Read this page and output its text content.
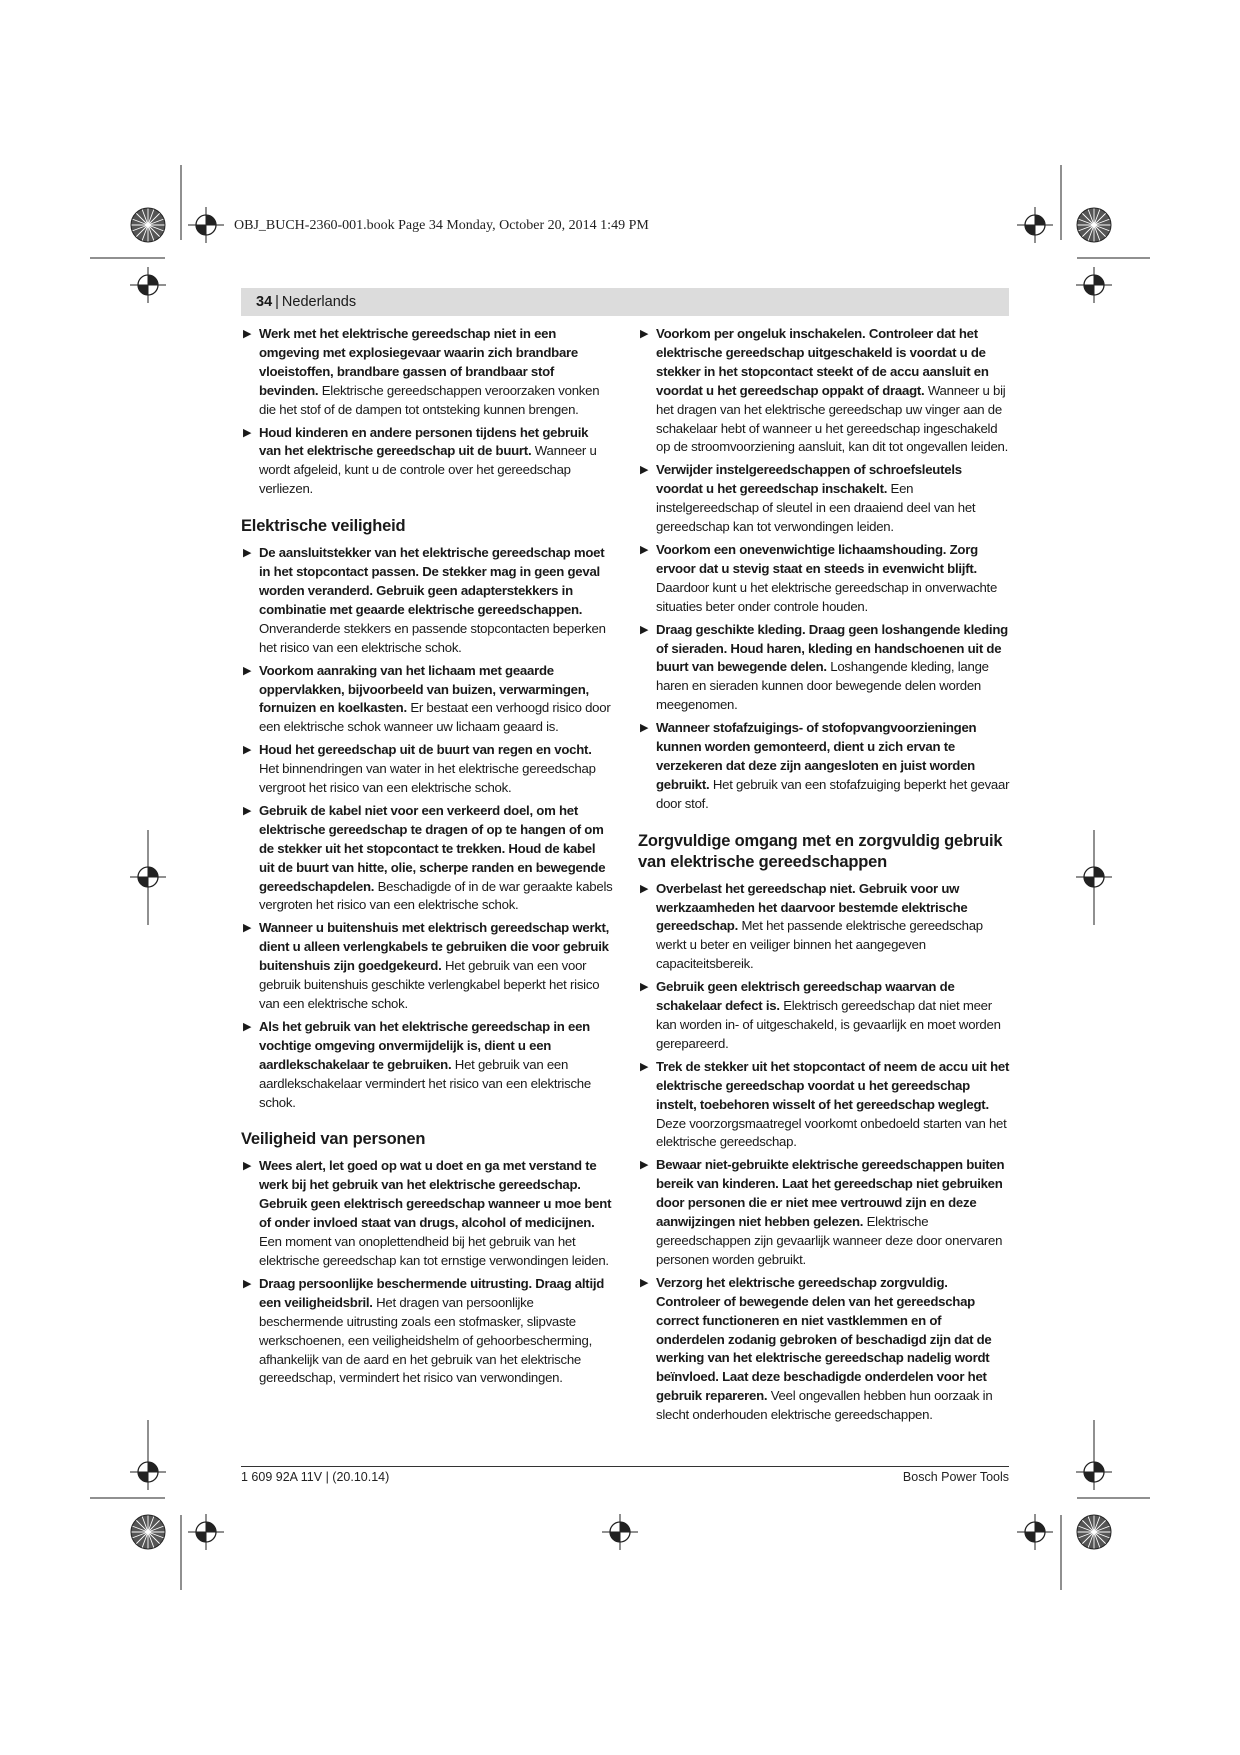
OBJ_BUCH-2360-001.book Page 34 Monday, October 20, 2014 1:49 PM
34 | Nederlands
▶ Werk met het elektrische gereedschap niet in een omgeving met explosiegevaar waarin zich brandbare vloeistoffen, brandbare gassen of brandbaar stof bevinden. Elektrische gereedschappen veroorzaken vonken die het stof of de dampen tot ontsteking kunnen brengen.
▶ Houd kinderen en andere personen tijdens het gebruik van het elektrische gereedschap uit de buurt. Wanneer u wordt afgeleid, kunt u de controle over het gereedschap verliezen.
Elektrische veiligheid
▶ De aansluitstekker van het elektrische gereedschap moet in het stopcontact passen. De stekker mag in geen geval worden veranderd. Gebruik geen adapterstekkers in combinatie met geaarde elektrische gereedschappen. Onveranderde stekkers en passende stopcontacten beperken het risico van een elektrische schok.
▶ Voorkom aanraking van het lichaam met geaarde oppervlakken, bijvoorbeeld van buizen, verwarmingen, fornuizen en koelkasten. Er bestaat een verhoogd risico door een elektrische schok wanneer uw lichaam geaard is.
▶ Houd het gereedschap uit de buurt van regen en vocht. Het binnendringen van water in het elektrische gereedschap vergroot het risico van een elektrische schok.
▶ Gebruik de kabel niet voor een verkeerd doel, om het elektrische gereedschap te dragen of op te hangen of om de stekker uit het stopcontact te trekken. Houd de kabel uit de buurt van hitte, olie, scherpe randen en bewegende gereedschapdelen. Beschadigde of in de war geraakte kabels vergroten het risico van een elektrische schok.
▶ Wanneer u buitenshuis met elektrisch gereedschap werkt, dient u alleen verlengkabels te gebruiken die voor gebruik buitenshuis zijn goedgekeurd. Het gebruik van een voor gebruik buitenshuis geschikte verlengkabel beperkt het risico van een elektrische schok.
▶ Als het gebruik van het elektrische gereedschap in een vochtige omgeving onvermijdelijk is, dient u een aardlekschakelaar te gebruiken. Het gebruik van een aardlekschakelaar vermindert het risico van een elektrische schok.
Veiligheid van personen
▶ Wees alert, let goed op wat u doet en ga met verstand te werk bij het gebruik van het elektrische gereedschap. Gebruik geen elektrisch gereedschap wanneer u moe bent of onder invloed staat van drugs, alcohol of medicijnen. Een moment van onoplettendheid bij het gebruik van het elektrische gereedschap kan tot ernstige verwondingen leiden.
▶ Draag persoonlijke beschermende uitrusting. Draag altijd een veiligheidsbril. Het dragen van persoonlijke beschermende uitrusting zoals een stofmasker, slipvaste werkschoenen, een veiligheidshelm of gehoorbescherming, afhankelijk van de aard en het gebruik van het elektrische gereedschap, vermindert het risico van verwondingen.
▶ Voorkom per ongeluk inschakelen. Controleer dat het elektrische gereedschap uitgeschakeld is voordat u de stekker in het stopcontact steekt of de accu aansluit en voordat u het gereedschap oppakt of draagt. Wanneer u bij het dragen van het elektrische gereedschap uw vinger aan de schakelaar hebt of wanneer u het gereedschap ingeschakeld op de stroomvoorziening aansluit, kan dit tot ongevallen leiden.
▶ Verwijder instelgereedschappen of schroefsleutels voordat u het gereedschap inschakelt. Een instelgereedschap of sleutel in een draaiend deel van het gereedschap kan tot verwondingen leiden.
▶ Voorkom een onevenwichtige lichaamshouding. Zorg ervoor dat u stevig staat en steeds in evenwicht blijft. Daardoor kunt u het elektrische gereedschap in onverwachte situaties beter onder controle houden.
▶ Draag geschikte kleding. Draag geen loshangende kleding of sieraden. Houd haren, kleding en handschoenen uit de buurt van bewegende delen. Loshangende kleding, lange haren en sieraden kunnen door bewegende delen worden meegenomen.
▶ Wanneer stofafzuigings- of stofopvangvoorzieningen kunnen worden gemonteerd, dient u zich ervan te verzekeren dat deze zijn aangesloten en juist worden gebruikt. Het gebruik van een stofafzuiging beperkt het gevaar door stof.
Zorgvuldige omgang met en zorgvuldig gebruik van elektrische gereedschappen
▶ Overbelast het gereedschap niet. Gebruik voor uw werkzaamheden het daarvoor bestemde elektrische gereedschap. Met het passende elektrische gereedschap werkt u beter en veiliger binnen het aangegeven capaciteitsbereik.
▶ Gebruik geen elektrisch gereedschap waarvan de schakelaar defect is. Elektrisch gereedschap dat niet meer kan worden in- of uitgeschakeld, is gevaarlijk en moet worden gerepareerd.
▶ Trek de stekker uit het stopcontact of neem de accu uit het elektrische gereedschap voordat u het gereedschap instelt, toebehoren wisselt of het gereedschap weglegt. Deze voorzorgsmaatregel voorkomt onbedoeld starten van het elektrische gereedschap.
▶ Bewaar niet-gebruikte elektrische gereedschappen buiten bereik van kinderen. Laat het gereedschap niet gebruiken door personen die er niet mee vertrouwd zijn en deze aanwijzingen niet hebben gelezen. Elektrische gereedschappen zijn gevaarlijk wanneer deze door onervaren personen worden gebruikt.
▶ Verzorg het elektrische gereedschap zorgvuldig. Controleer of bewegende delen van het gereedschap correct functioneren en niet vastklemmen en of onderdelen zodanig gebroken of beschadigd zijn dat de werking van het elektrische gereedschap nadelig wordt beïnvloed. Laat deze beschadigde onderdelen voor het gebruik repareren. Veel ongevallen hebben hun oorzaak in slecht onderhouden elektrische gereedschappen.
1 609 92A 11V | (20.10.14)	Bosch Power Tools
